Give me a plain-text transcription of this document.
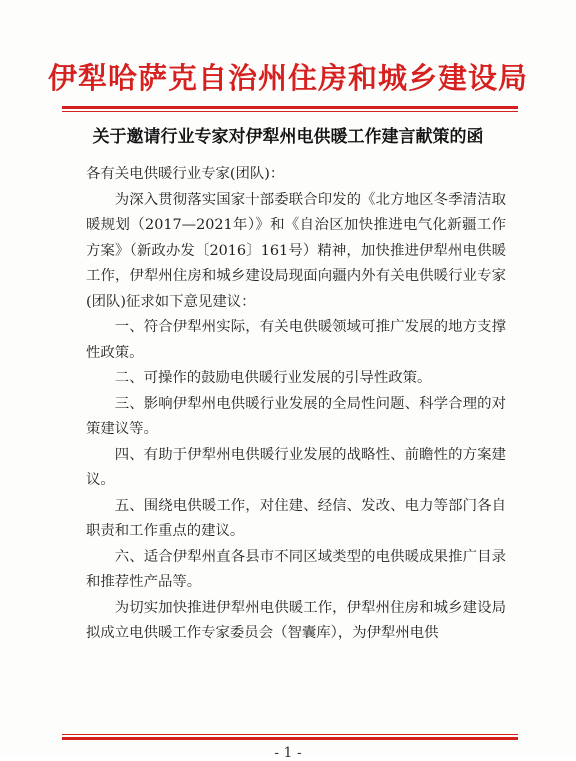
伊犁哈萨克自治州住房和城乡建设局
关于邀请行业专家对伊犁州电供暖工作建言献策的函

各有关电供暖行业专家(团队)：

为深入贯彻落实国家十部委联合印发的《北方地区冬季清洁取暖规划（2017—2021年）》和《自治区加快推进电气化新疆工作方案》（新政办发〔2016〕161号）精神，加快推进伊犁州电供暖工作，伊犁州住房和城乡建设局现面向疆内外有关电供暖行业专家(团队)征求如下意见建议：

一、符合伊犁州实际，有关电供暖领域可推广发展的地方支撑性政策。

二、可操作的鼓励电供暖行业发展的引导性政策。

三、影响伊犁州电供暖行业发展的全局性问题、科学合理的对策建议等。

四、有助于伊犁州电供暖行业发展的战略性、前瞻性的方案建议。

五、围绕电供暖工作，对住建、经信、发改、电力等部门各自职责和工作重点的建议。

六、适合伊犁州直各县市不同区域类型的电供暖成果推广目录和推荐性产品等。

为切实加快推进伊犁州电供暖工作，伊犁州住房和城乡建设局拟成立电供暖工作专家委员会（智囊库），为伊犁州电供

- 1 -
